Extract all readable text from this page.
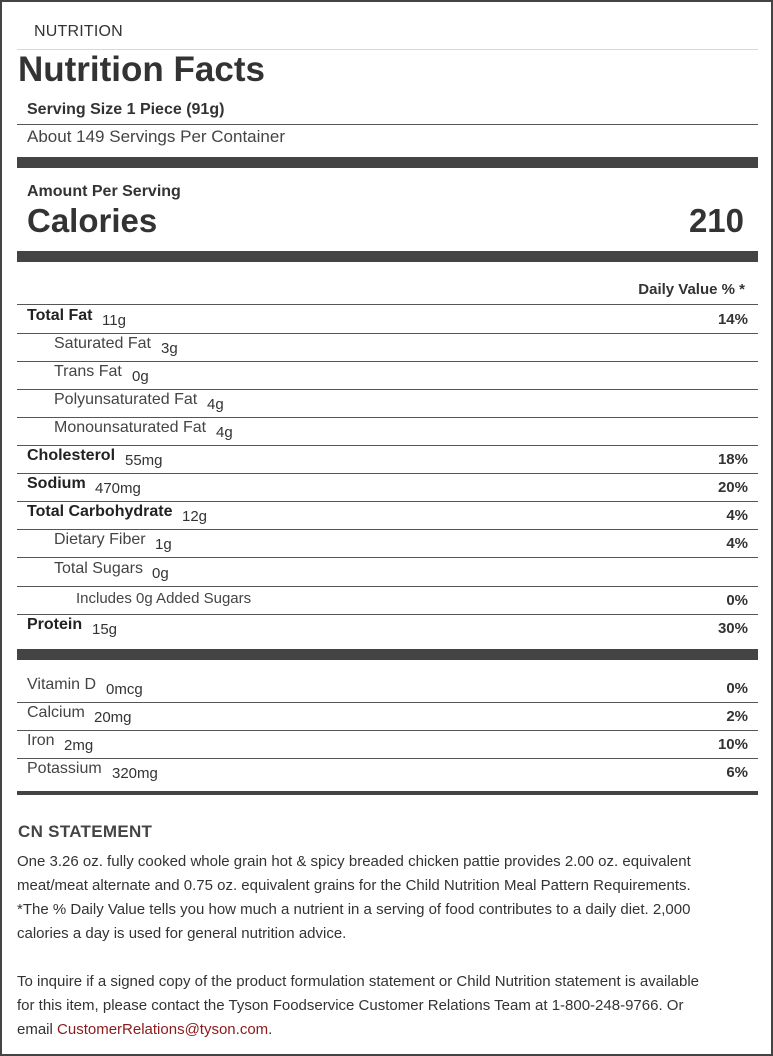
NUTRITION
Nutrition Facts
Serving Size 1 Piece (91g)
About 149 Servings Per Container
Amount Per Serving
Calories	210
Daily Value % *
Total Fat 11g	14%
Saturated Fat 3g
Trans Fat 0g
Polyunsaturated Fat 4g
Monounsaturated Fat 4g
Cholesterol 55mg	18%
Sodium 470mg	20%
Total Carbohydrate 12g	4%
Dietary Fiber 1g	4%
Total Sugars 0g
Includes 0g Added Sugars	0%
Protein 15g	30%
Vitamin D 0mcg	0%
Calcium 20mg	2%
Iron 2mg	10%
Potassium 320mg	6%
CN STATEMENT
One 3.26 oz. fully cooked whole grain hot & spicy breaded chicken pattie provides 2.00 oz. equivalent
meat/meat alternate and 0.75 oz. equivalent grains for the Child Nutrition Meal Pattern Requirements.
*The % Daily Value tells you how much a nutrient in a serving of food contributes to a daily diet. 2,000
calories a day is used for general nutrition advice.
To inquire if a signed copy of the product formulation statement or Child Nutrition statement is available
for this item, please contact the Tyson Foodservice Customer Relations Team at 1-800-248-9766. Or
email CustomerRelations@tyson.com.
